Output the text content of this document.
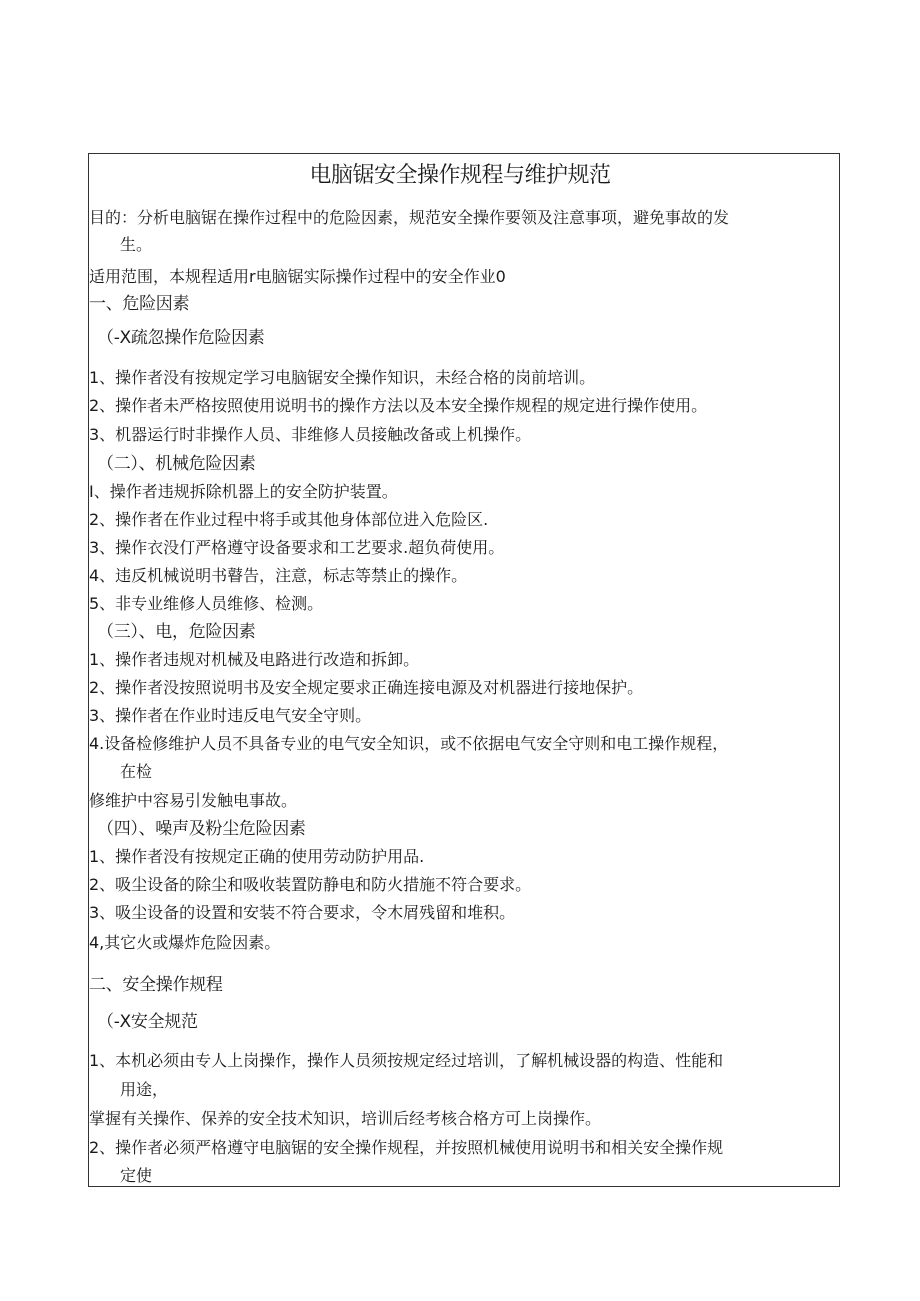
电脑锯安全操作规程与维护规范
目的：分析电脑锯在操作过程中的危险因素，规范安全操作要领及注意事项，避免事故的发
生。
适用范围，本规程适用r电脑锯实际操作过程中的安全作业0
一、危险因素
（-X疏忽操作危险因素
1、操作者没有按规定学习电脑锯安全操作知识，未经合格的岗前培训。
2、操作者未严格按照使用说明书的操作方法以及本安全操作规程的规定进行操作使用。
3、机器运行时非操作人员、非维修人员接触改备或上机操作。
（二）、机械危险因素
I、操作者违规拆除机器上的安全防护装置。
2、操作者在作业过程中将手或其他身体部位进入危险区.
3、操作衣没仃严格遵守设备要求和工艺要求.超负荷使用。
4、违反机械说明书瞽告，注意，标志等禁止的操作。
5、非专业维修人员维修、检测。
（三）、电，危险因素
1、操作者违规对机械及电路进行改造和拆卸。
2、操作者没按照说明书及安全规定要求正确连接电源及对机器进行接地保护。
3、操作者在作业时违反电气安全守则。
4.设备检修维护人员不具备专业的电气安全知识，或不依据电气安全守则和电工操作规程，
在检
修维护中容易引发触电事故。
（四）、噪声及粉尘危险因素
1、操作者没有按规定正确的使用劳动防护用品.
2、吸尘设备的除尘和吸收装置防静电和防火措施不符合要求。
3、吸尘设备的设置和安装不符合要求，令木屑残留和堆积。
4,其它火或爆炸危险因素。
二、安全操作规程
（-X安全规范
1、本机必须由专人上岗操作，操作人员须按规定经过培训，了解机械设器的构造、性能和
用途，
掌握有关操作、保养的安全技术知识，培训后经考核合格方可上岗操作。
2、操作者必须严格遵守电脑锯的安全操作规程，并按照机械使用说明书和相关安全操作规
定使
